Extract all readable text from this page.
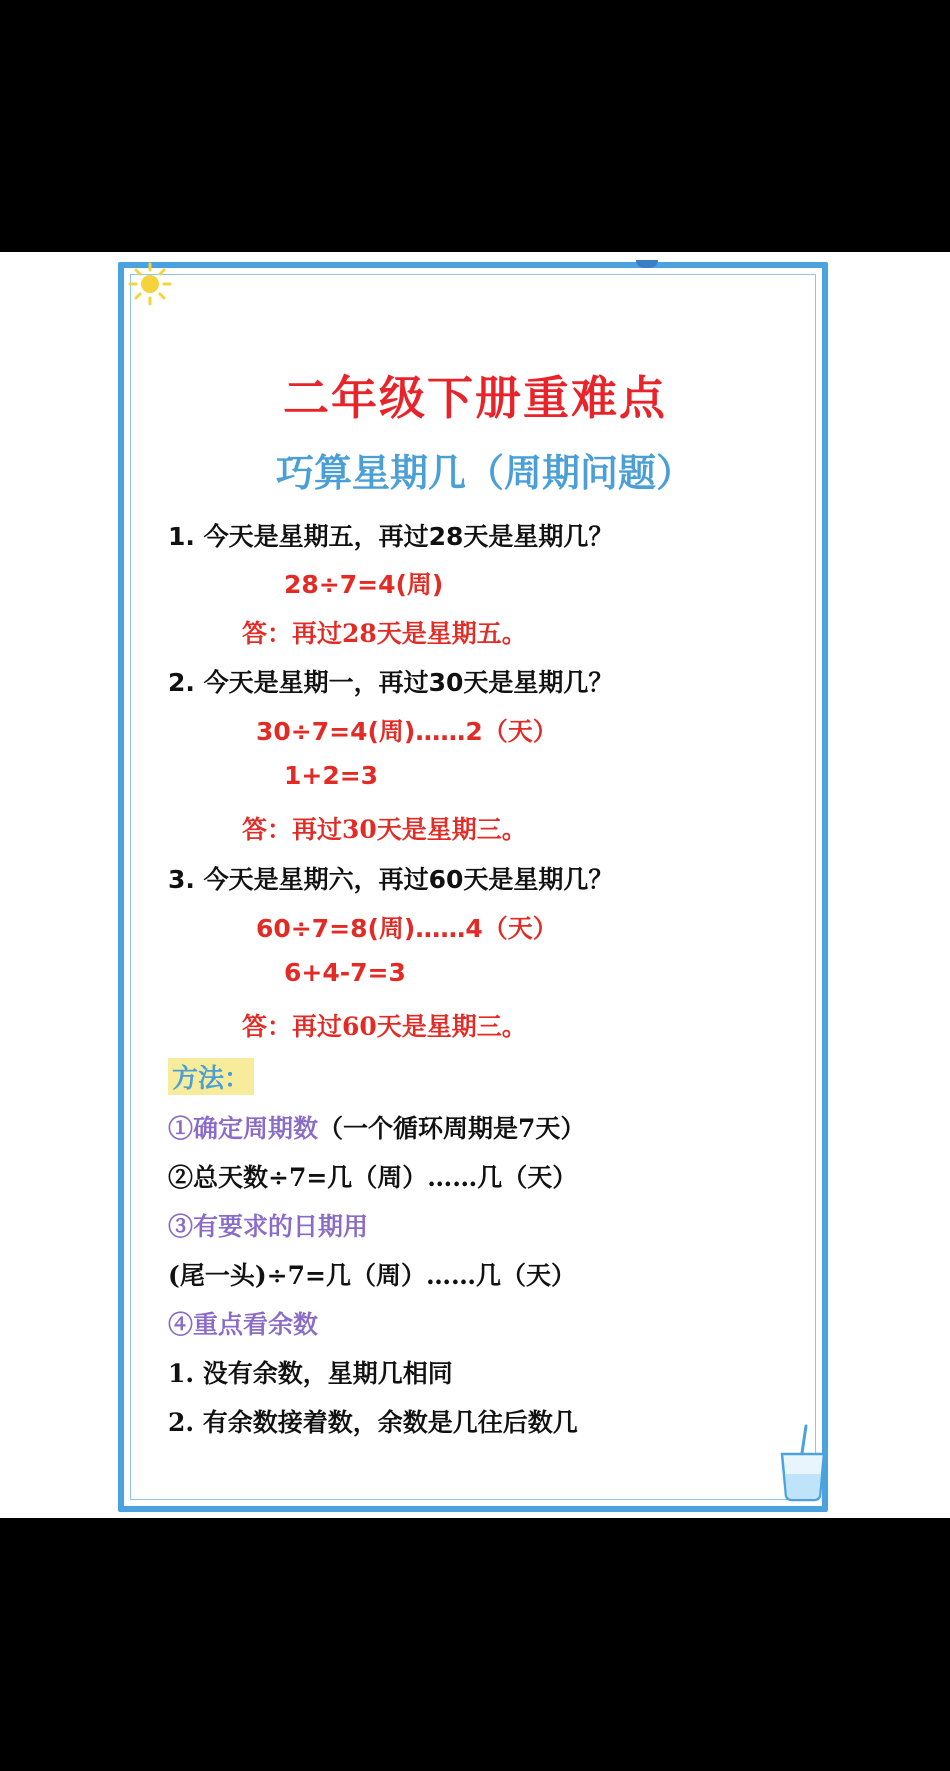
二年级下册重难点
巧算星期几（周期问题）
1. 今天是星期五，再过28天是星期几？
28÷7=4(周)
答：再过28天是星期五。
2. 今天是星期一，再过30天是星期几？
30÷7=4(周)……2（天）
1+2=3
答：再过30天是星期三。
3. 今天是星期六，再过60天是星期几？
60÷7=8(周)……4（天）
6+4-7=3
答：再过60天是星期三。
方法：
①确定周期数（一个循环周期是7天）
②总天数÷7=几（周）……几（天）
③有要求的日期用
(尾一头)÷7=几（周）……几（天）
④重点看余数
1. 没有余数，星期几相同
2. 有余数接着数，余数是几往后数几
